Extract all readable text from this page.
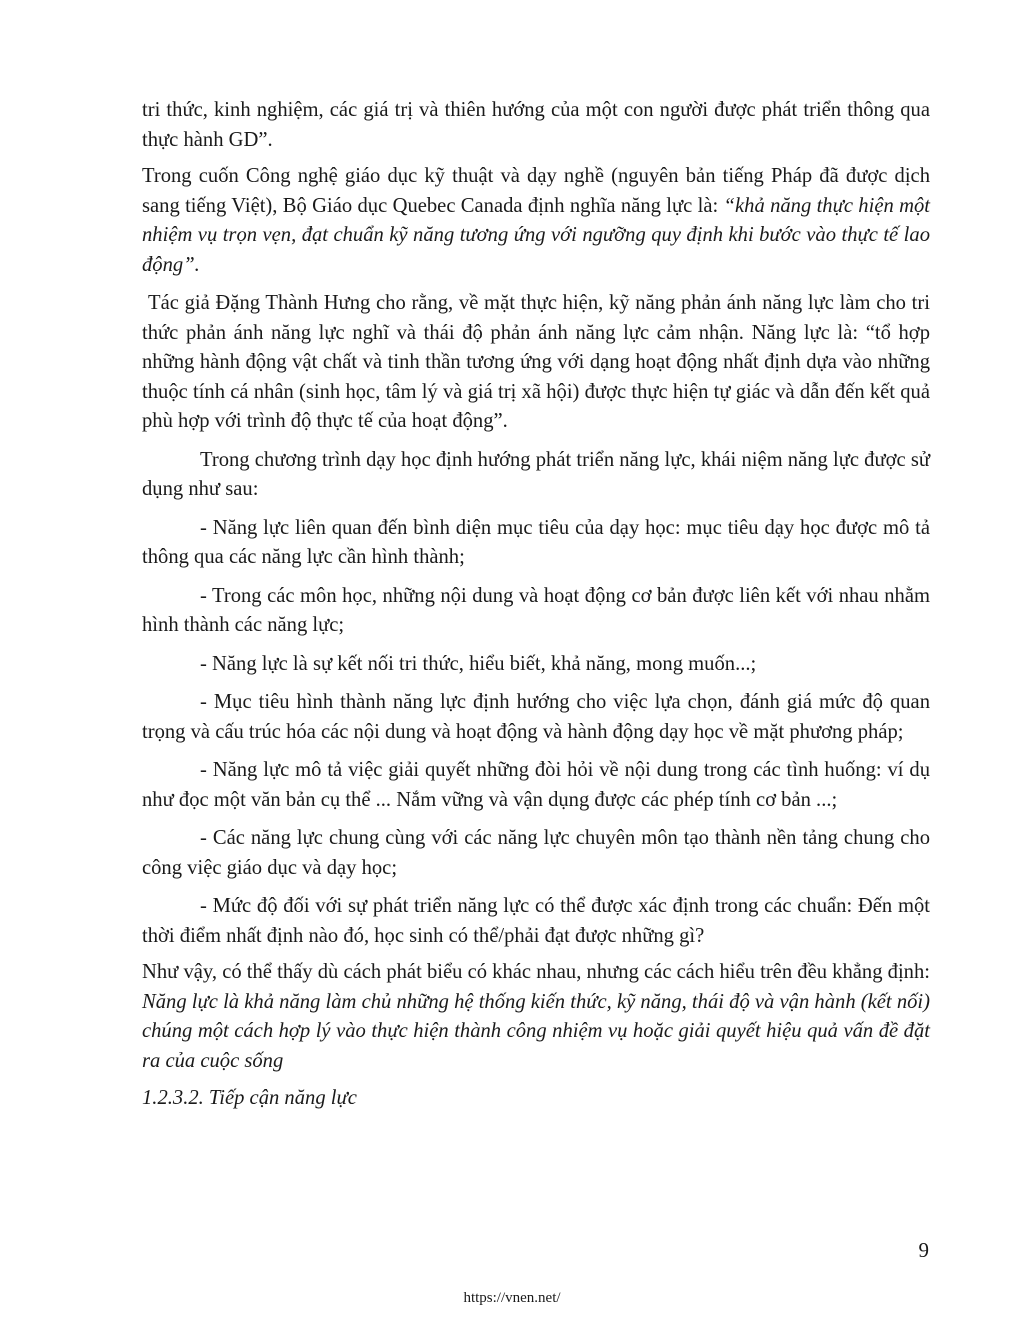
tri thức, kinh nghiệm, các giá trị và thiên hướng của một con người được phát triển thông qua thực hành GD”.

Trong cuốn Công nghệ giáo dục kỹ thuật và dạy nghề (nguyên bản tiếng Pháp đã được dịch sang tiếng Việt), Bộ Giáo dục Quebec Canada định nghĩa năng lực là: “khả năng thực hiện một nhiệm vụ trọn vẹn, đạt chuẩn kỹ năng tương ứng với ngưỡng quy định khi bước vào thực tế lao động”.

Tác giả Đặng Thành Hưng cho rằng, về mặt thực hiện, kỹ năng phản ánh năng lực làm cho tri thức phản ánh năng lực nghĩ và thái độ phản ánh năng lực cảm nhận. Năng lực là: “tổ hợp những hành động vật chất và tinh thần tương ứng với dạng hoạt động nhất định dựa vào những thuộc tính cá nhân (sinh học, tâm lý và giá trị xã hội) được thực hiện tự giác và dẫn đến kết quả phù hợp với trình độ thực tế của hoạt động”.

Trong chương trình dạy học định hướng phát triển năng lực, khái niệm năng lực được sử dụng như sau:

- Năng lực liên quan đến bình diện mục tiêu của dạy học: mục tiêu dạy học được mô tả thông qua các năng lực cần hình thành;

- Trong các môn học, những nội dung và hoạt động cơ bản được liên kết với nhau nhằm hình thành các năng lực;

- Năng lực là sự kết nối tri thức, hiểu biết, khả năng, mong muốn...;

- Mục tiêu hình thành năng lực định hướng cho việc lựa chọn, đánh giá mức độ quan trọng và cấu trúc hóa các nội dung và hoạt động và hành động dạy học về mặt phương pháp;

- Năng lực mô tả việc giải quyết những đòi hỏi về nội dung trong các tình huống: ví dụ như đọc một văn bản cụ thể ... Nắm vững và vận dụng được các phép tính cơ bản ...;

- Các năng lực chung cùng với các năng lực chuyên môn tạo thành nền tảng chung cho công việc giáo dục và dạy học;

- Mức độ đối với sự phát triển năng lực có thể được xác định trong các chuẩn: Đến một thời điểm nhất định nào đó, học sinh có thể/phải đạt được những gì?

Như vậy, có thể thấy dù cách phát biểu có khác nhau, nhưng các cách hiểu trên đều khẳng định: Năng lực là khả năng làm chủ những hệ thống kiến thức, kỹ năng, thái độ và vận hành (kết nối) chúng một cách hợp lý vào thực hiện thành công nhiệm vụ hoặc giải quyết hiệu quả vấn đề đặt ra của cuộc sống

1.2.3.2. Tiếp cận năng lực

9
https://vnen.net/
